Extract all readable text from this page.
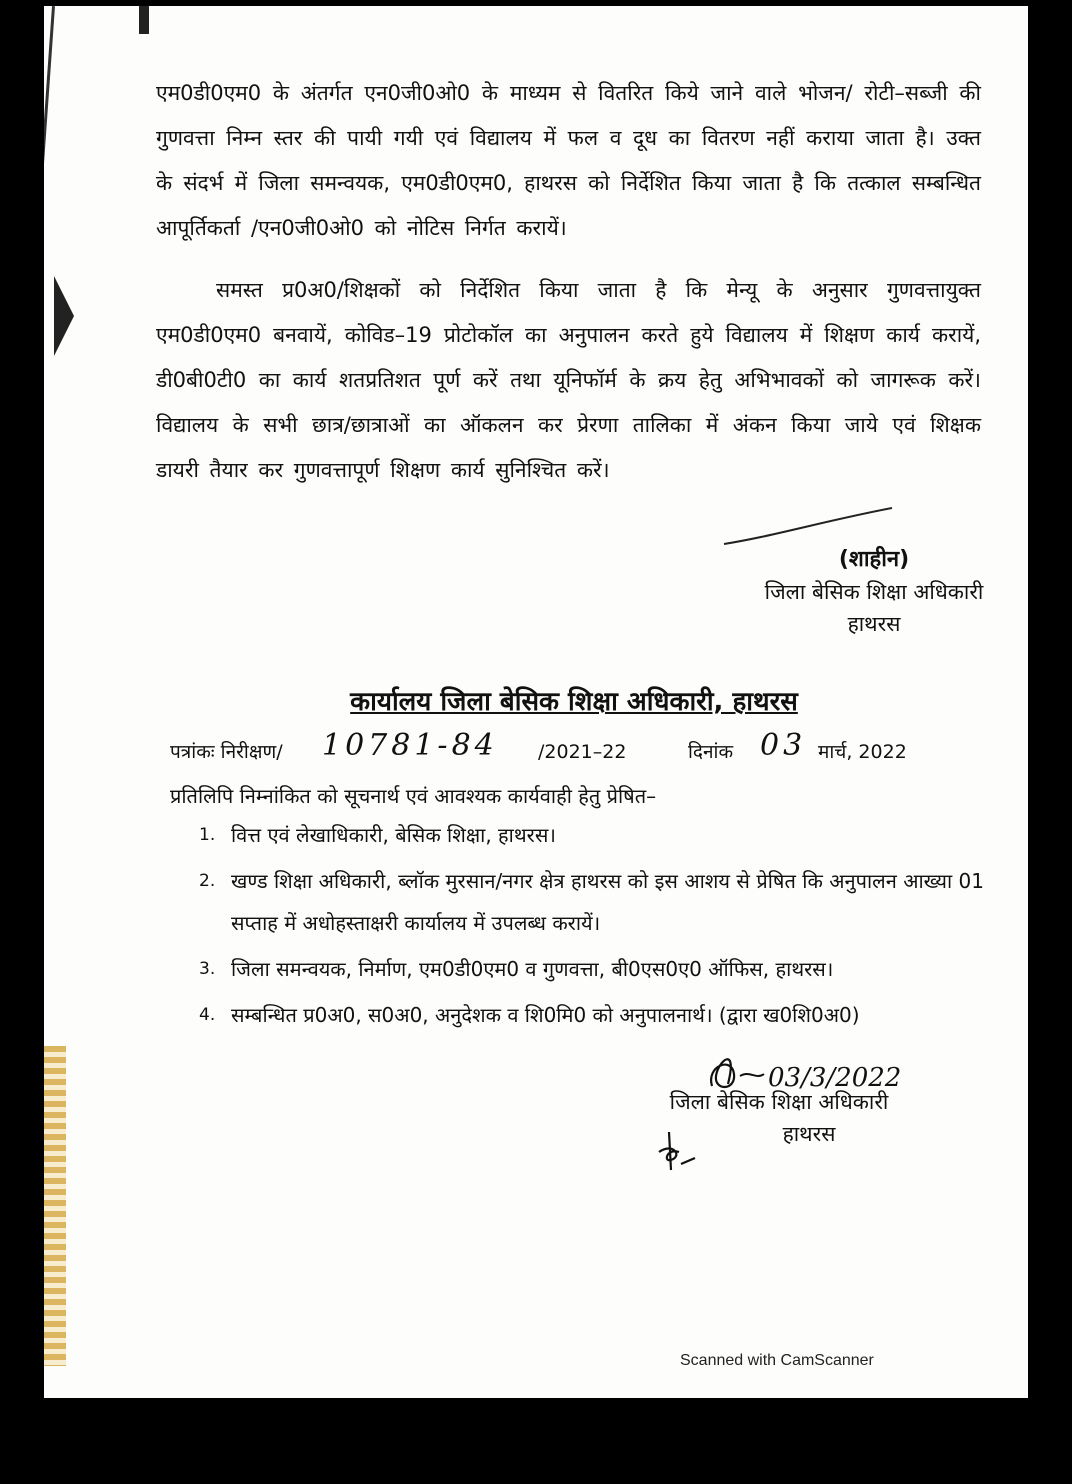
एम0डी0एम0 के अंतर्गत एन0जी0ओ0 के माध्यम से वितरित किये जाने वाले भोजन/ रोटी–सब्जी की गुणवत्ता निम्न स्तर की पायी गयी एवं विद्यालय में फल व दूध का वितरण नहीं कराया जाता है। उक्त के संदर्भ में जिला समन्वयक, एम0डी0एम0, हाथरस को निर्देशित किया जाता है कि तत्काल सम्बन्धित आपूर्तिकर्ता /एन0जी0ओ0 को नोटिस निर्गत करायें।

समस्त प्र0अ0/शिक्षकों को निर्देशित किया जाता है कि मेन्यू के अनुसार गुणवत्तायुक्त एम0डी0एम0 बनवायें, कोविड–19 प्रोटोकॉल का अनुपालन करते हुये विद्यालय में शिक्षण कार्य करायें, डी0बी0टी0 का कार्य शतप्रतिशत पूर्ण करें तथा यूनिफॉर्म के क्रय हेतु अभिभावकों को जागरूक करें। विद्यालय के सभी छात्र/छात्राओं का ऑकलन कर प्रेरणा तालिका में अंकन किया जाये एवं शिक्षक डायरी तैयार कर गुणवत्तापूर्ण शिक्षण कार्य सुनिश्चित करें।

(शाहीन)
जिला बेसिक शिक्षा अधिकारी
हाथरस
कार्यालय जिला बेसिक शिक्षा अधिकारी, हाथरस
पत्रांकः निरीक्षण/ 10781-84 /2021–22	दिनांक 03 मार्च, 2022
प्रतिलिपि निम्नांकित को सूचनार्थ एवं आवश्यक कार्यवाही हेतु प्रेषित–
1. वित्त एवं लेखाधिकारी, बेसिक शिक्षा, हाथरस।
2. खण्ड शिक्षा अधिकारी, ब्लॉक मुरसान/नगर क्षेत्र हाथरस को इस आशय से प्रेषित कि अनुपालन आख्या 01 सप्ताह में अधोहस्ताक्षरी कार्यालय में उपलब्ध करायें।
3. जिला समन्वयक, निर्माण, एम0डी0एम0 व गुणवत्ता, बी0एस0ए0 ऑफिस, हाथरस।
4. सम्बन्धित प्र0अ0, स0अ0, अनुदेशक व शि0मि0 को अनुपालनार्थ। (द्वारा ख0शि0अ0)
03/3/2022
जिला बेसिक शिक्षा अधिकारी
हाथरस
Scanned with CamScanner
